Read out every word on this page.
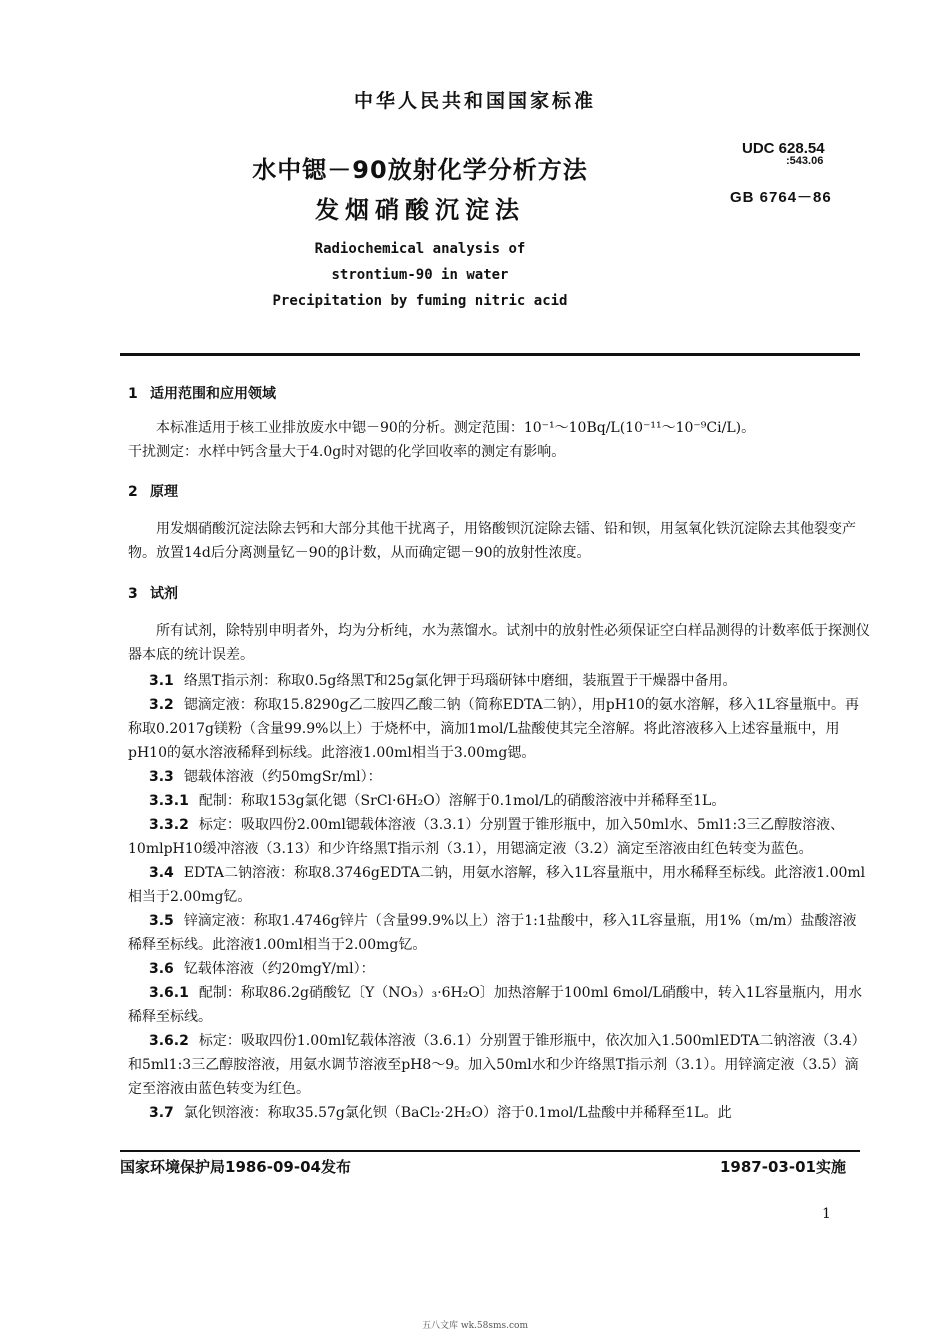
中华人民共和国国家标准
水中锶－90放射化学分析方法
发烟硝酸沉淀法
UDC 628.54
:543.06
GB 6764－86
Radiochemical analysis of
strontium-90 in water
Precipitation by fuming nitric acid
1 适用范围和应用领域

本标准适用于核工业排放废水中锶－90的分析。测定范围：10⁻¹～10Bq/L(10⁻¹¹～10⁻⁹Ci/L)。

干扰测定：水样中钙含量大于4.0g时对锶的化学回收率的测定有影响。

2 原理

用发烟硝酸沉淀法除去钙和大部分其他干扰离子，用铬酸钡沉淀除去镭、铅和钡，用氢氧化铁沉淀除去其他裂变产物。放置14d后分离测量钇－90的β计数，从而确定锶－90的放射性浓度。

3 试剂

所有试剂，除特别申明者外，均为分析纯，水为蒸馏水。试剂中的放射性必须保证空白样品测得的计数率低于探测仪器本底的统计误差。

3.1 络黑T指示剂：称取0.5g络黑T和25g氯化钾于玛瑙研钵中磨细，装瓶置于干燥器中备用。
3.2 锶滴定液：称取15.8290g乙二胺四乙酸二钠（简称EDTA二钠），用pH10的氨水溶解，移入1L容量瓶中。再称取0.2017g镁粉（含量99.9%以上）于烧杯中，滴加1mol/L盐酸使其完全溶解。将此溶液移入上述容量瓶中，用pH10的氨水溶液稀释到标线。此溶液1.00ml相当于3.00mg锶。
3.3 锶载体溶液（约50mgSr/ml）：
3.3.1 配制：称取153g氯化锶（SrCl·6H₂O）溶解于0.1mol/L的硝酸溶液中并稀释至1L。
3.3.2 标定：吸取四份2.00ml锶载体溶液（3.3.1）分别置于锥形瓶中，加入50ml水、5ml1:3三乙醇胺溶液、10mlpH10缓冲溶液（3.13）和少许络黑T指示剂（3.1），用锶滴定液（3.2）滴定至溶液由红色转变为蓝色。
3.4 EDTA二钠溶液：称取8.3746gEDTA二钠，用氨水溶解，移入1L容量瓶中，用水稀释至标线。此溶液1.00ml相当于2.00mg钇。
3.5 锌滴定液：称取1.4746g锌片（含量99.9%以上）溶于1:1盐酸中，移入1L容量瓶，用1%（m/m）盐酸溶液稀释至标线。此溶液1.00ml相当于2.00mg钇。
3.6 钇载体溶液（约20mgY/ml）：
3.6.1 配制：称取86.2g硝酸钇〔Y（NO₃）₃·6H₂O〕加热溶解于100ml 6mol/L硝酸中，转入1L容量瓶内，用水稀释至标线。
3.6.2 标定：吸取四份1.00ml钇载体溶液（3.6.1）分别置于锥形瓶中，依次加入1.500mlEDTA二钠溶液（3.4）和5ml1:3三乙醇胺溶液，用氨水调节溶液至pH8～9。加入50ml水和少许络黑T指示剂（3.1）。用锌滴定液（3.5）滴定至溶液由蓝色转变为红色。
3.7 氯化钡溶液：称取35.57g氯化钡（BaCl₂·2H₂O）溶于0.1mol/L盐酸中并稀释至1L。此
国家环境保护局1986-09-04发布	1987-03-01实施
1
五八文库 wk.58sms.com
